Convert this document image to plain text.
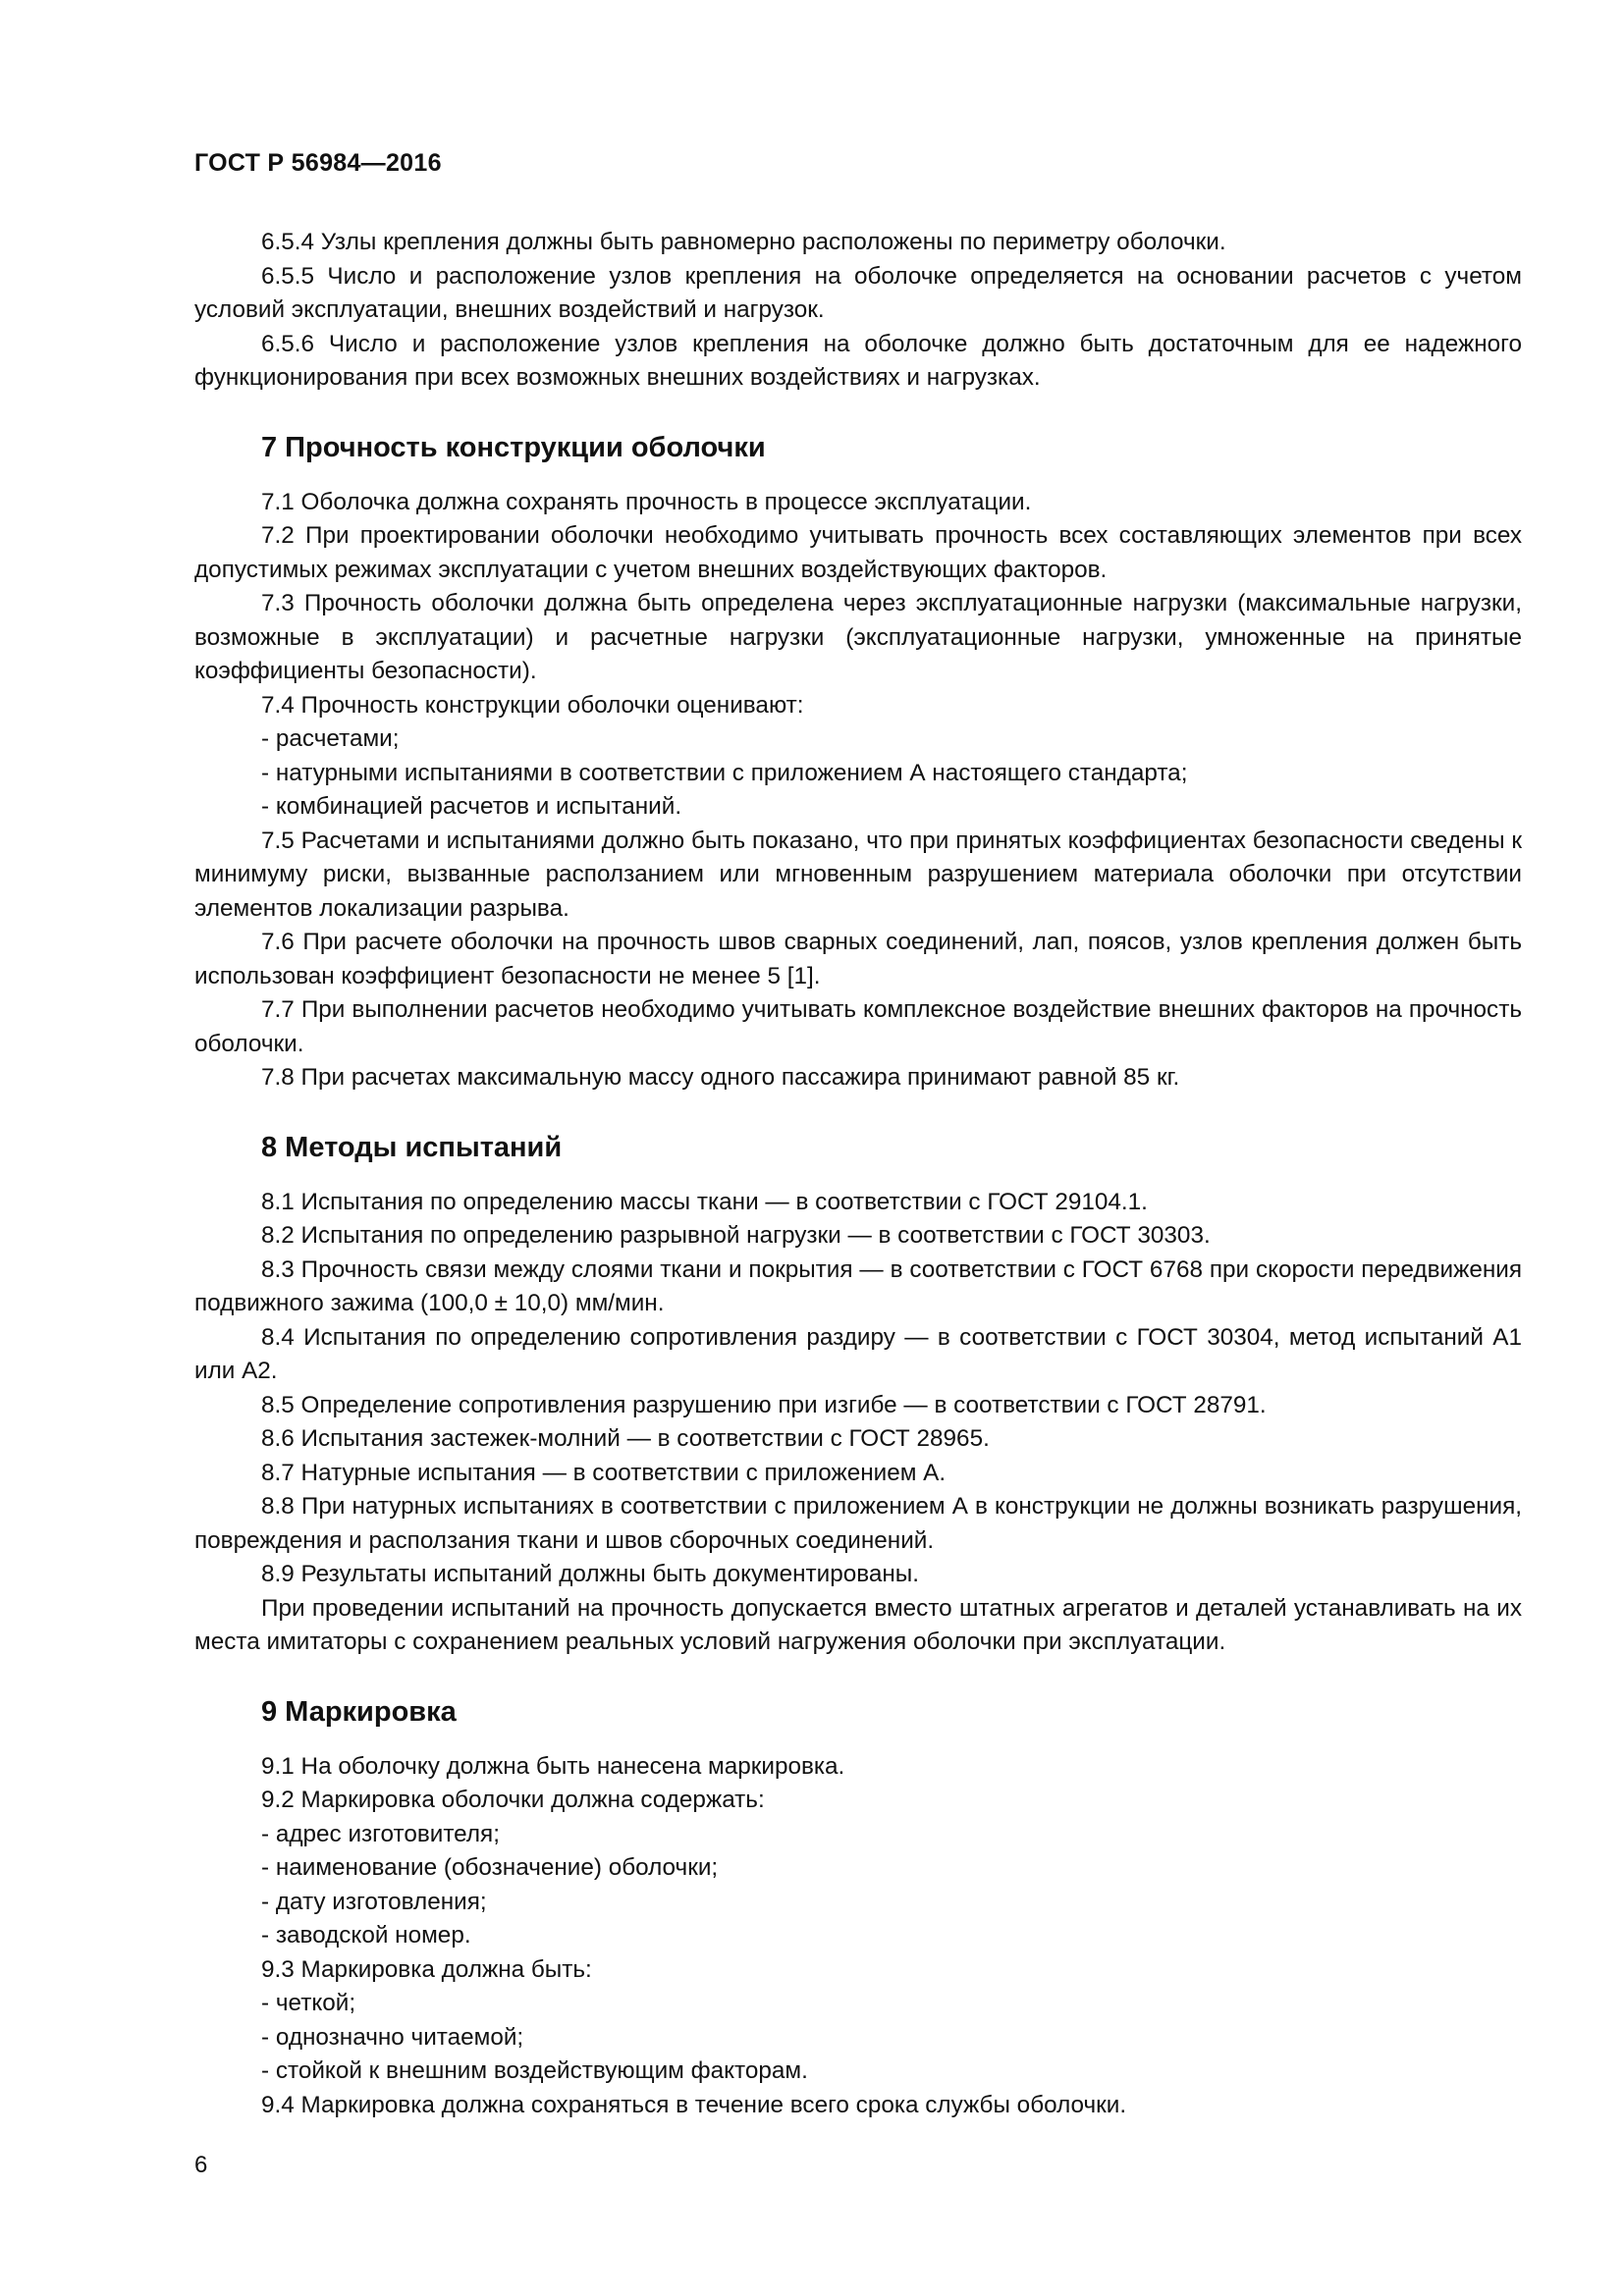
ГОСТ Р 56984—2016

6.5.4 Узлы крепления должны быть равномерно расположены по периметру оболочки.

6.5.5 Число и расположение узлов крепления на оболочке определяется на основании расчетов с учетом условий эксплуатации, внешних воздействий и нагрузок.

6.5.6 Число и расположение узлов крепления на оболочке должно быть достаточным для ее надежного функционирования при всех возможных внешних воздействиях и нагрузках.

7 Прочность конструкции оболочки

7.1 Оболочка должна сохранять прочность в процессе эксплуатации.

7.2 При проектировании оболочки необходимо учитывать прочность всех составляющих элементов при всех допустимых режимах эксплуатации с учетом внешних воздействующих факторов.

7.3 Прочность оболочки должна быть определена через эксплуатационные нагрузки (максимальные нагрузки, возможные в эксплуатации) и расчетные нагрузки (эксплуатационные нагрузки, умноженные на принятые коэффициенты безопасности).

7.4 Прочность конструкции оболочки оценивают:

- расчетами;

- натурными испытаниями в соответствии с приложением А настоящего стандарта;

- комбинацией расчетов и испытаний.

7.5 Расчетами и испытаниями должно быть показано, что при принятых коэффициентах безопасности сведены к минимуму риски, вызванные расползанием или мгновенным разрушением материала оболочки при отсутствии элементов локализации разрыва.

7.6 При расчете оболочки на прочность швов сварных соединений, лап, поясов, узлов крепления должен быть использован коэффициент безопасности не менее 5 [1].

7.7 При выполнении расчетов необходимо учитывать комплексное воздействие внешних факторов на прочность оболочки.

7.8 При расчетах максимальную массу одного пассажира принимают равной 85 кг.

8 Методы испытаний

8.1 Испытания по определению массы ткани — в соответствии с ГОСТ 29104.1.

8.2 Испытания по определению разрывной нагрузки — в соответствии с ГОСТ 30303.

8.3 Прочность связи между слоями ткани и покрытия — в соответствии с ГОСТ 6768 при скорости передвижения подвижного зажима (100,0 ± 10,0) мм/мин.

8.4 Испытания по определению сопротивления раздиру — в соответствии с ГОСТ 30304, метод испытаний А1 или А2.

8.5 Определение сопротивления разрушению при изгибе — в соответствии с ГОСТ 28791.

8.6 Испытания застежек-молний — в соответствии с ГОСТ 28965.

8.7 Натурные испытания — в соответствии с приложением А.

8.8 При натурных испытаниях в соответствии с приложением А в конструкции не должны возникать разрушения, повреждения и расползания ткани и швов сборочных соединений.

8.9 Результаты испытаний должны быть документированы.

При проведении испытаний на прочность допускается вместо штатных агрегатов и деталей устанавливать на их места имитаторы с сохранением реальных условий нагружения оболочки при эксплуатации.

9 Маркировка

9.1 На оболочку должна быть нанесена маркировка.

9.2 Маркировка оболочки должна содержать:

- адрес изготовителя;

- наименование (обозначение) оболочки;

- дату изготовления;

- заводской номер.

9.3 Маркировка должна быть:

- четкой;

- однозначно читаемой;

- стойкой к внешним воздействующим факторам.

9.4 Маркировка должна сохраняться в течение всего срока службы оболочки.

6
